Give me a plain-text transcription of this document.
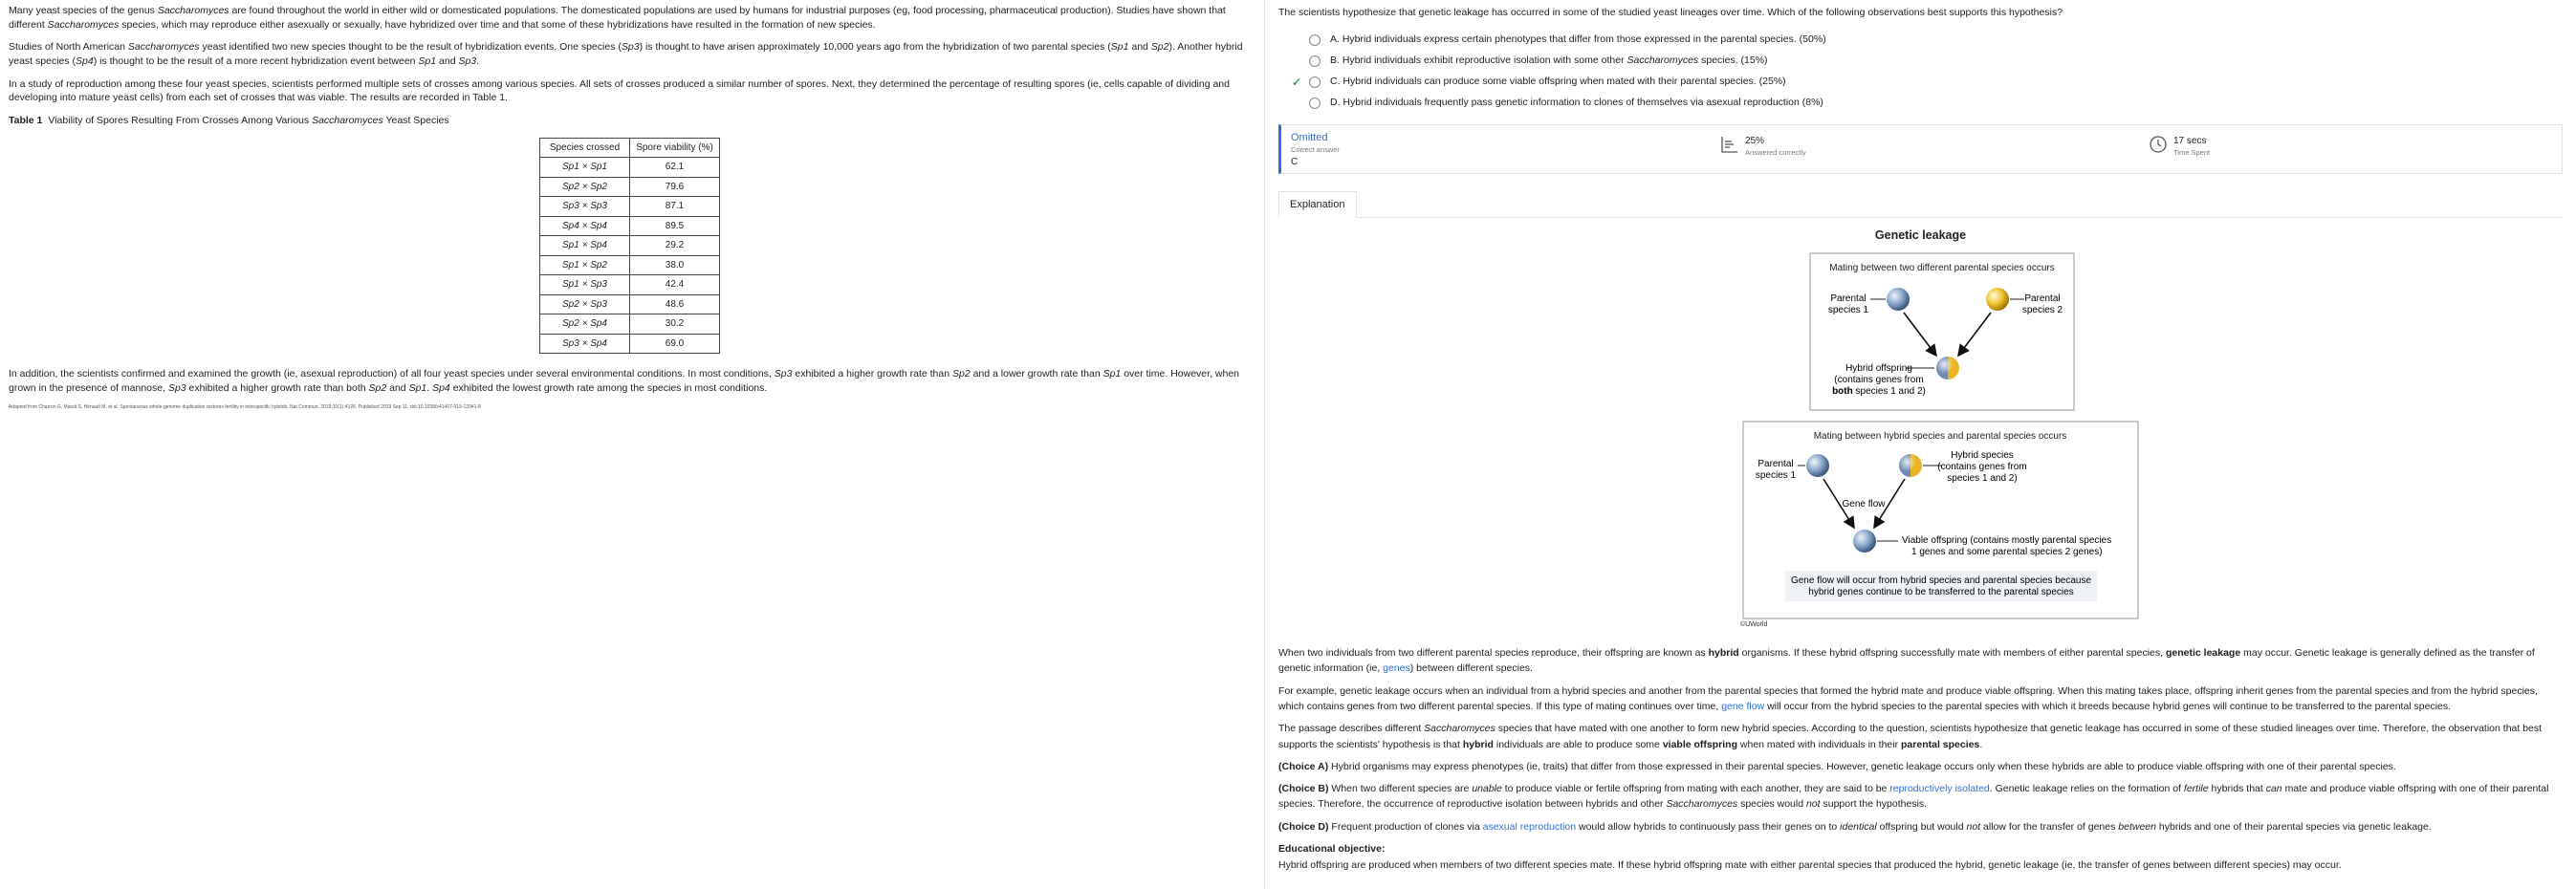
Many yeast species of the genus Saccharomyces are found throughout the world in either wild or domesticated populations. The domesticated populations are used by humans for industrial purposes (eg, food processing, pharmaceutical production). Studies have shown that different Saccharomyces species, which may reproduce either asexually or sexually, have hybridized over time and that some of these hybridizations have resulted in the formation of new species.

Studies of North American Saccharomyces yeast identified two new species thought to be the result of hybridization events. One species (Sp3) is thought to have arisen approximately 10,000 years ago from the hybridization of two parental species (Sp1 and Sp2). Another hybrid yeast species (Sp4) is thought to be the result of a more recent hybridization event between Sp1 and Sp3.

In a study of reproduction among these four yeast species, scientists performed multiple sets of crosses among various species. All sets of crosses produced a similar number of spores. Next, they determined the percentage of resulting spores (ie, cells capable of dividing and developing into mature yeast cells) from each set of crosses that was viable. The results are recorded in Table 1.

Table 1 Viability of Spores Resulting From Crosses Among Various Saccharomyces Yeast Species
Species crossed	Spore viability (%)
Sp1 × Sp1	62.1
Sp2 × Sp2	79.6
Sp3 × Sp3	87.1
Sp4 × Sp4	89.5
Sp1 × Sp4	29.2
Sp1 × Sp2	38.0
Sp1 × Sp3	42.4
Sp2 × Sp3	48.6
Sp2 × Sp4	30.2
Sp3 × Sp4	69.0

In addition, the scientists confirmed and examined the growth (ie, asexual reproduction) of all four yeast species under several environmental conditions. In most conditions, Sp3 exhibited a higher growth rate than Sp2 and a lower growth rate than Sp1 over time. However, when grown in the presence of mannose, Sp3 exhibited a higher growth rate than both Sp2 and Sp1. Sp4 exhibited the lowest growth rate among the species in most conditions.

Adapted from Charron G, Marsit S, Hénault M, et al. Spontaneous whole-genome duplication restores fertility in interspecific hybrids. Nat Commun. 2019;10(1):4126. Published 2019 Sep 11. doi:10.1038/s41467-019-12041-8
The scientists hypothesize that genetic leakage has occurred in some of the studied yeast lineages over time. Which of the following observations best supports this hypothesis?
A. Hybrid individuals express certain phenotypes that differ from those expressed in the parental species. (50%)
B. Hybrid individuals exhibit reproductive isolation with some other Saccharomyces species. (15%)
✓	C. Hybrid individuals can produce some viable offspring when mated with their parental species. (25%)
D. Hybrid individuals frequently pass genetic information to clones of themselves via asexual reproduction (8%)
Omitted
Correct answer
C
25%
Answered correctly
17 secs
Time Spent
Explanation
Genetic leakage
Mating between two different parental species occurs
Parental
species 1
Parental
species 2
Hybrid offspring
(contains genes from
both species 1 and 2)
Mating between hybrid species and parental species occurs
Parental
species 1
Hybrid species
(contains genes from
species 1 and 2)
Gene flow
Viable offspring (contains mostly parental species
1 genes and some parental species 2 genes)
Gene flow will occur from hybrid species and parental species because
hybrid genes continue to be transferred to the parental species
©UWorld

When two individuals from two different parental species reproduce, their offspring are known as hybrid organisms. If these hybrid offspring successfully mate with members of either parental species, genetic leakage may occur. Genetic leakage is generally defined as the transfer of genetic information (ie, genes) between different species.

For example, genetic leakage occurs when an individual from a hybrid species and another from the parental species that formed the hybrid mate and produce viable offspring. When this mating takes place, offspring inherit genes from the parental species and from the hybrid species, which contains genes from two different parental species. If this type of mating continues over time, gene flow will occur from the hybrid species to the parental species with which it breeds because hybrid genes will continue to be transferred to the parental species.

The passage describes different Saccharomyces species that have mated with one another to form new hybrid species. According to the question, scientists hypothesize that genetic leakage has occurred in some of these studied lineages over time. Therefore, the observation that best supports the scientists' hypothesis is that hybrid individuals are able to produce some viable offspring when mated with individuals in their parental species.

(Choice A) Hybrid organisms may express phenotypes (ie, traits) that differ from those expressed in their parental species. However, genetic leakage occurs only when these hybrids are able to produce viable offspring with one of their parental species.

(Choice B) When two different species are unable to produce viable or fertile offspring from mating with each another, they are said to be reproductively isolated. Genetic leakage relies on the formation of fertile hybrids that can mate and produce viable offspring with one of their parental species. Therefore, the occurrence of reproductive isolation between hybrids and other Saccharomyces species would not support the hypothesis.

(Choice D) Frequent production of clones via asexual reproduction would allow hybrids to continuously pass their genes on to identical offspring but would not allow for the transfer of genes between hybrids and one of their parental species via genetic leakage.

Educational objective:
Hybrid offspring are produced when members of two different species mate. If these hybrid offspring mate with either parental species that produced the hybrid, genetic leakage (ie, the transfer of genes between different species) may occur.
